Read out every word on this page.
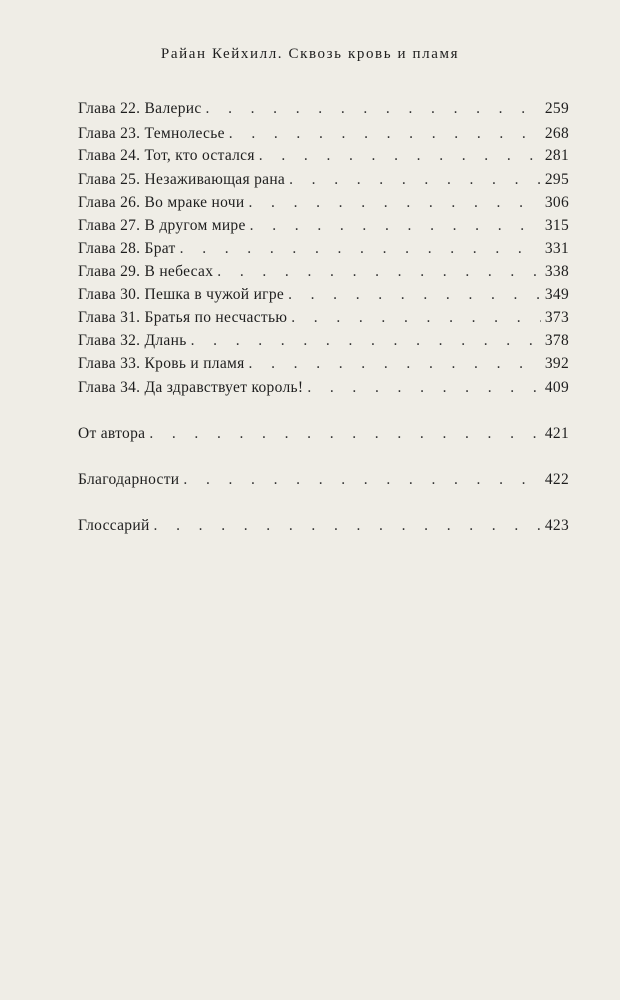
Райан Кейхилл. Сквозь кровь и пламя
Глава 22. Валерис . . .	259
Глава 23. Темнолесье . . .	268
Глава 24. Тот, кто остался . . .	281
Глава 25. Незаживающая рана . . .	295
Глава 26. Во мраке ночи . . .	306
Глава 27. В другом мире . . .	315
Глава 28. Брат . . .	331
Глава 29. В небесах . . .	338
Глава 30. Пешка в чужой игре . . .	349
Глава 31. Братья по несчастью . . .	373
Глава 32. Длань . . .	378
Глава 33. Кровь и пламя . . .	392
Глава 34. Да здравствует король! . . .	409
От автора . . .	421
Благодарности . . .	422
Глоссарий . . .	423
